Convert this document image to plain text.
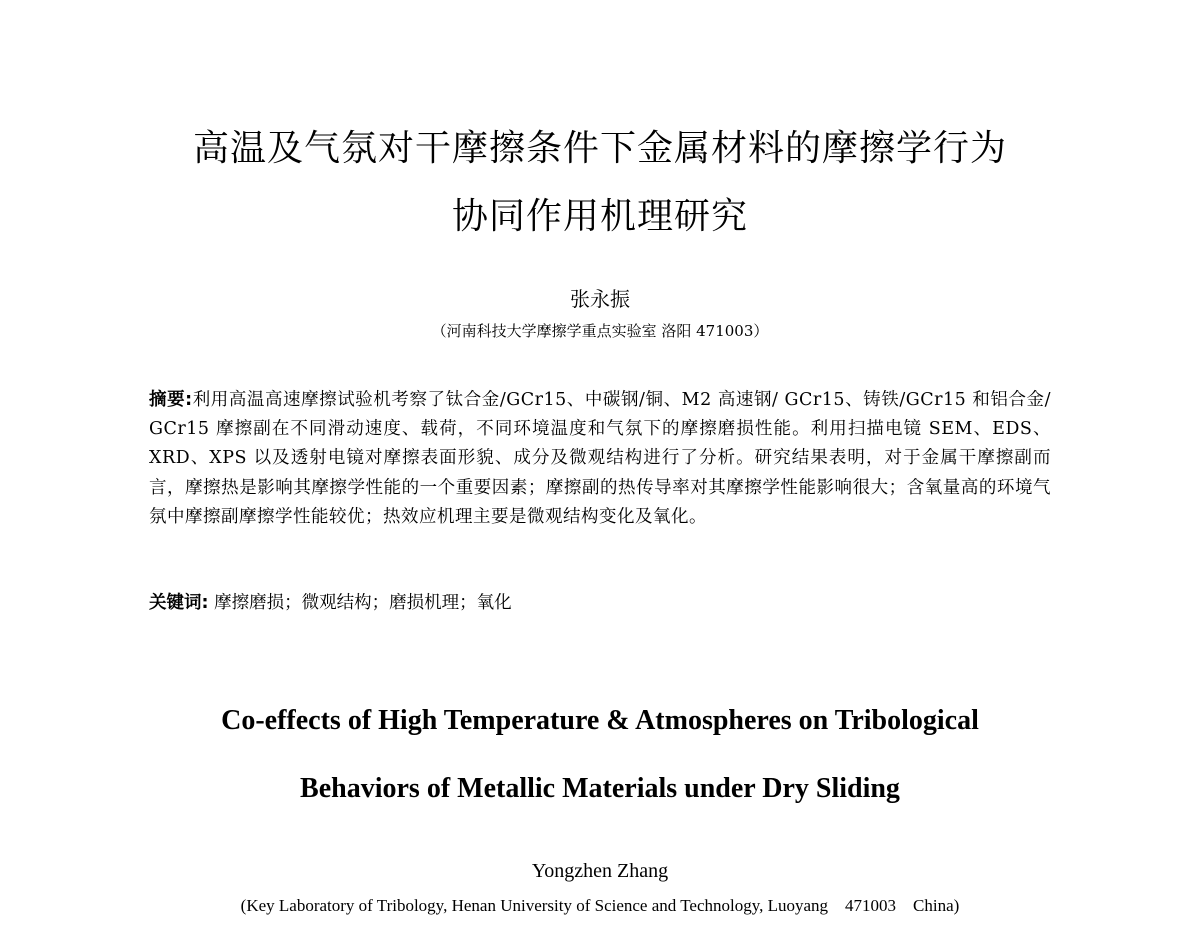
高温及气氛对干摩擦条件下金属材料的摩擦学行为
协同作用机理研究
张永振
（河南科技大学摩擦学重点实验室 洛阳 471003）
摘要:利用高温高速摩擦试验机考察了钛合金/GCr15、中碳钢/铜、M2 高速钢/ GCr15、铸铁/GCr15 和铝合金/ GCr15 摩擦副在不同滑动速度、载荷，不同环境温度和气氛下的摩擦磨损性能。利用扫描电镜 SEM、EDS、XRD、XPS 以及透射电镜对摩擦表面形貌、成分及微观结构进行了分析。研究结果表明，对于金属干摩擦副而言，摩擦热是影响其摩擦学性能的一个重要因素；摩擦副的热传导率对其摩擦学性能影响很大；含氧量高的环境气氛中摩擦副摩擦学性能较优；热效应机理主要是微观结构变化及氧化。
关键词: 摩擦磨损；微观结构；磨损机理；氧化
Co-effects of High Temperature & Atmospheres on Tribological
Behaviors of Metallic Materials under Dry Sliding
Yongzhen Zhang
(Key Laboratory of Tribology, Henan University of Science and Technology, Luoyang    471003    China)
